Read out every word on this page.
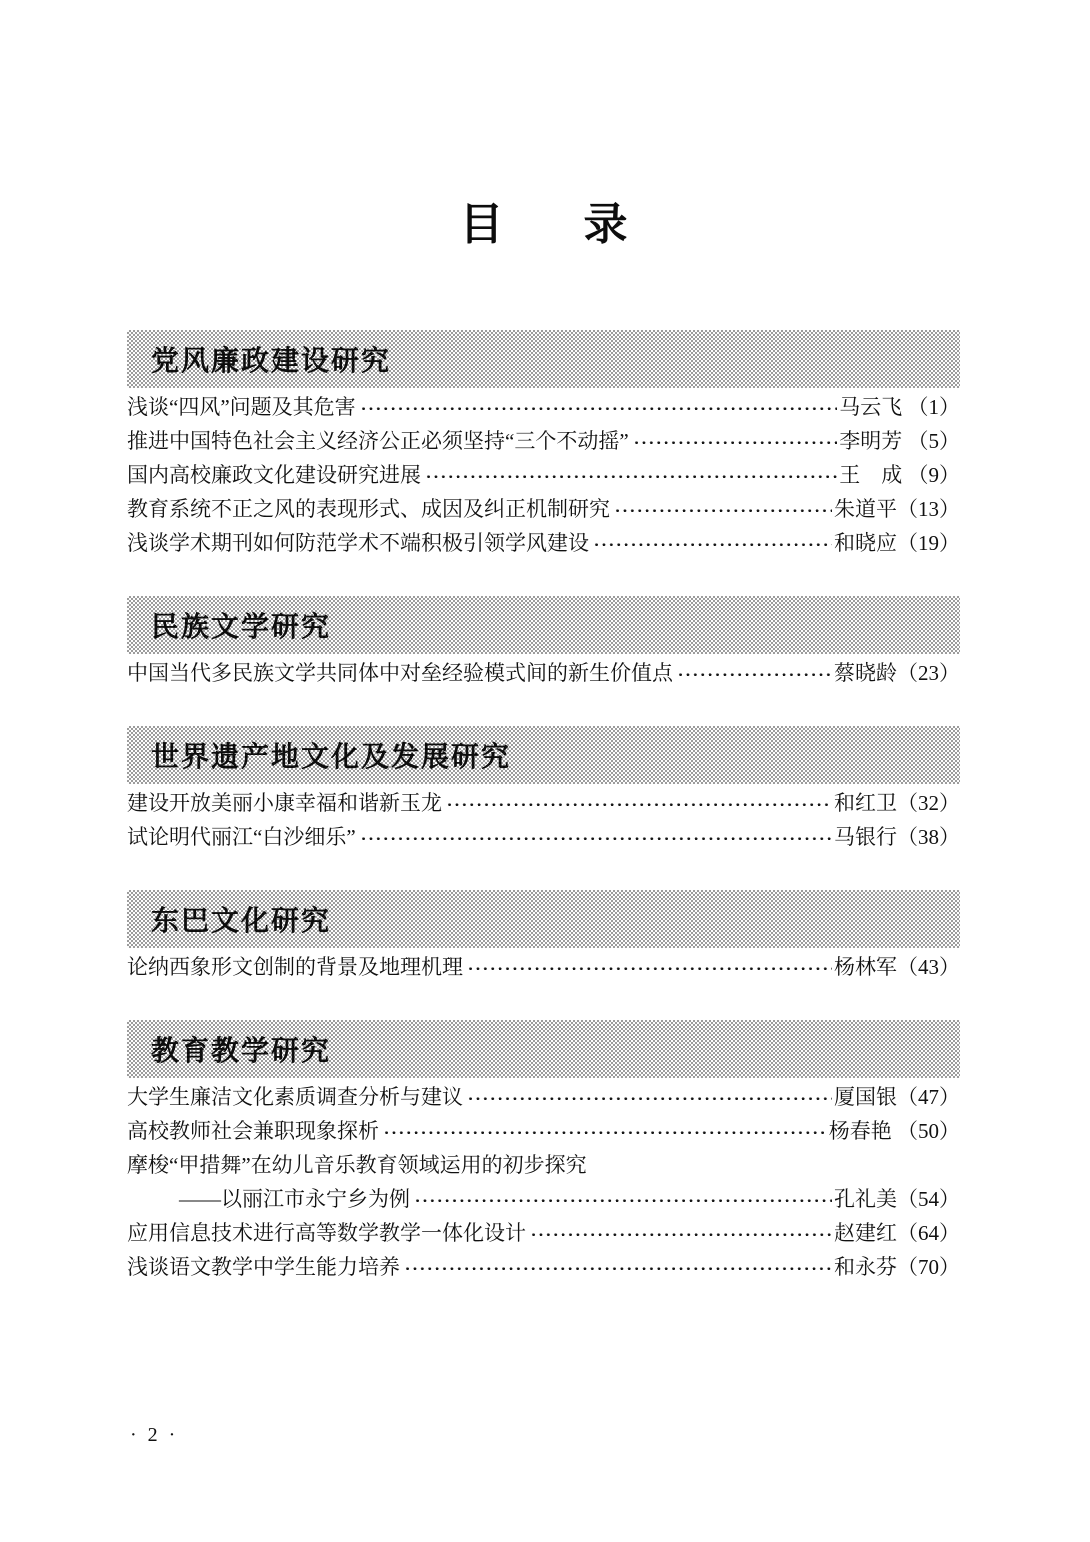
目 录
党风廉政建设研究
浅谈“四风”问题及其危害	马云飞 （1）
推进中国特色社会主义经济公正必须坚持“三个不动摇”	李明芳 （5）
国内高校廉政文化建设研究进展	王　成 （9）
教育系统不正之风的表现形式、成因及纠正机制研究	朱道平（13）
浅谈学术期刊如何防范学术不端积极引领学风建设	和晓应（19）
民族文学研究
中国当代多民族文学共同体中对垒经验模式间的新生价值点	蔡晓龄（23）
世界遗产地文化及发展研究
建设开放美丽小康幸福和谐新玉龙	和红卫（32）
试论明代丽江“白沙细乐”	马银行（38）
东巴文化研究
论纳西象形文创制的背景及地理机理	杨林军（43）
教育教学研究
大学生廉洁文化素质调查分析与建议	厦国银（47）
高校教师社会兼职现象探析	杨春艳 （50）
摩梭“甲措舞”在幼儿音乐教育领域运用的初步探究
——以丽江市永宁乡为例	孔礼美（54）
应用信息技术进行高等数学教学一体化设计	赵建红（64）
浅谈语文教学中学生能力培养	和永芬（70）
· 2 ·
